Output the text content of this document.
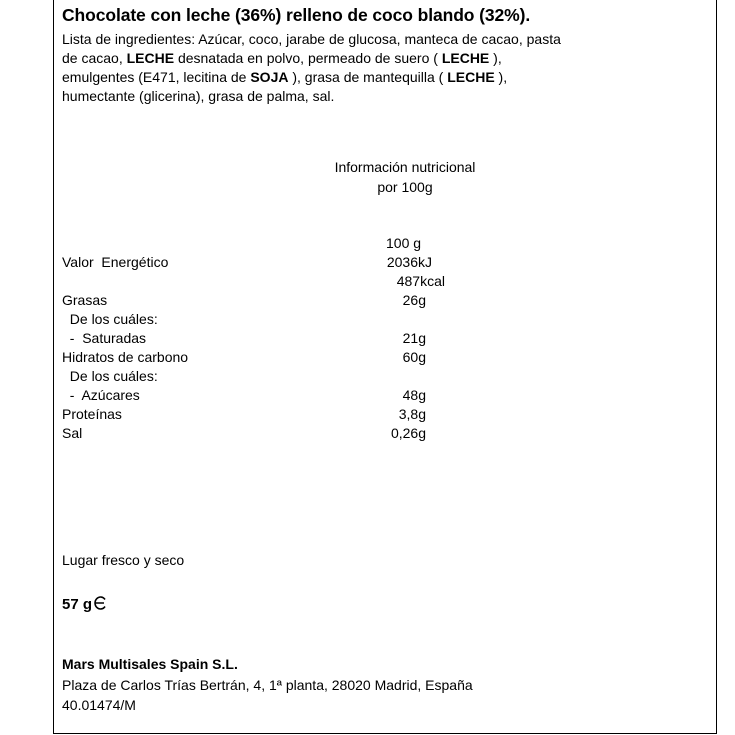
Chocolate con leche (36%) relleno de coco blando (32%).
Lista de ingredientes: Azúcar, coco, jarabe de glucosa, manteca de cacao, pasta
de cacao, LECHE desnatada en polvo, permeado de suero ( LECHE ),
emulgentes (E471, lecitina de SOJA ), grasa de mantequilla ( LECHE ),
humectante (glicerina), grasa de palma, sal.
Información nutricional
por 100g
100 g
Valor  Energético	2036kJ
487kcal
Grasas	26g
De los cuáles:
-  Saturadas	21g
Hidratos de carbono	60g
De los cuáles:
-  Azúcares	48g
Proteínas	3,8g
Sal	0,26g
Lugar fresco y seco
57 g
Mars Multisales Spain S.L.
Plaza de Carlos Trías Bertrán, 4, 1ª planta, 28020 Madrid, España
40.01474/M
